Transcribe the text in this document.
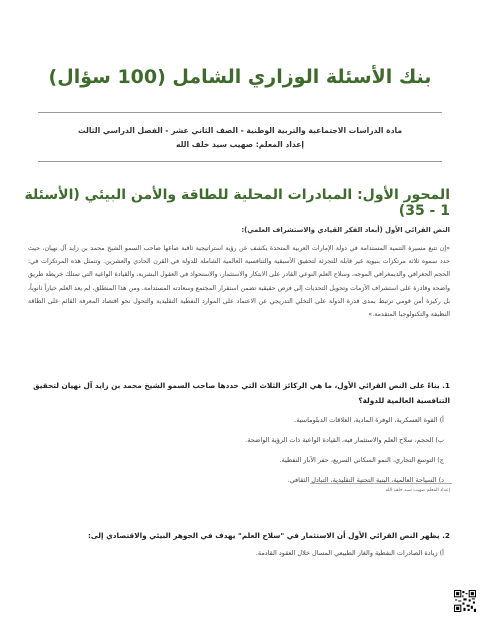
بنك الأسئلة الوزاري الشامل (100 سؤال)
مادة الدراسات الاجتماعية والتربية الوطنية - الصف الثاني عشر - الفصل الدراسي الثالث
إعداد المعلم: صهيب سيد خلف الله
المحور الأول: المبادرات المحلية للطاقة والأمن البيئي (الأسئلة 1 - 35)
النص القرائي الأول (أبعاد الفكر القيادي والاستشراف العلمي):
«إن تتبع مسيرة التنمية المستدامة في دولة الإمارات العربية المتحدة يكشف عن رؤية استراتيجية ثاقبة صاغها صاحب السمو الشيخ محمد بن زايد آل نهيان، حيث حدد سموه ثلاثة مرتكزات بنيوية غير قابلة للتجزئة لتحقيق الأسبقية والتنافسية العالمية الشاملة للدولة في القرن الحادي والعشرين. وتتمثل هذه المرتكزات في: الحجم الجغرافي والديمغرافي الموجه، وسلاح العلم النوعي القادر على الابتكار والاستثمار، والاستحواذ في العقول البشرية، والقيادة الواعية التي تمتلك خريطة طريق واضحة وقادرة على استشراف الأزمات وتحويل التحديات إلى فرص حقيقية تضمن استقرار المجتمع وسعادته المستدامة. ومن هذا المنطلق، لم يعد العلم خياراً ثانوياً، بل ركيزة أمن قومي ترتبط بمدى قدرة الدولة على التخلي التدريجي عن الاعتماد على الموارد النفطية التقليدية والتحول نحو اقتصاد المعرفة القائم على الطاقة النظيفة والتكنولوجيا المتقدمة.»
1. بناءً على النص القرائي الأول، ما هي الركائز الثلاث التي حددها صاحب السمو الشيخ محمد بن زايد آل نهيان لتحقيق التنافسية العالمية للدولة؟
أ) القوة العسكرية، الوفرة المادية، العلاقات الدبلوماسية.
ب) الحجم، سلاح العلم والاستثمار فيه، القيادة الواعية ذات الرؤية الواضحة.
ج) التوسع التجاري، النمو السكاني السريع، حفر الآبار النفطية.
د) السياحة العالمية، البنية التحتية التقليدية، التبادل الثقافي.
إعداد المعلم صهيب سيد خلف الله
2. يظهر النص القرائي الأول أن الاستثمار في "سلاح العلم" يهدف في الجوهر البيئي والاقتصادي إلى:
أ) زيادة الصادرات النفطية والغاز الطبيعي المسال خلال العقود القادمة.
